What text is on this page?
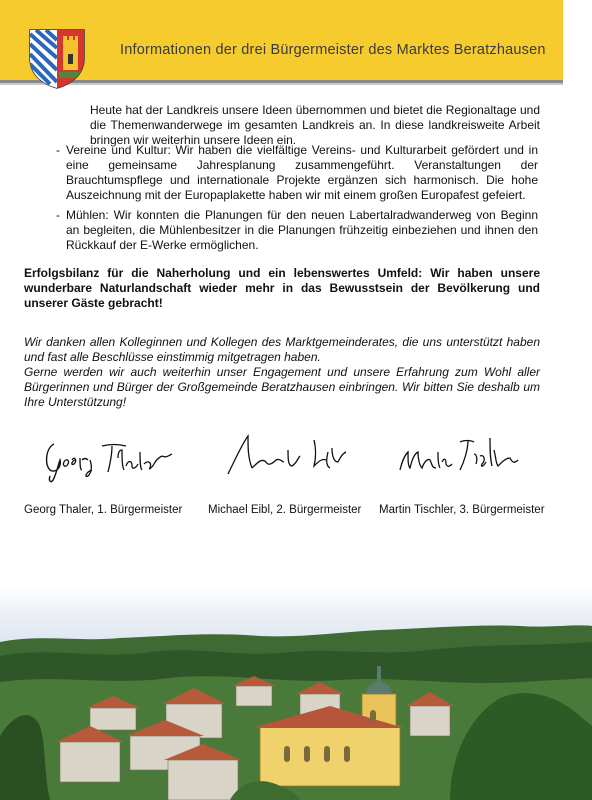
Informationen der drei Bürgermeister des Marktes Beratzhausen

Heute hat der Landkreis unsere Ideen übernommen und bietet die Regionaltage und die Themenwanderwege im gesamten Landkreis an. In diese landkreisweite Arbeit bringen wir weiterhin unsere Ideen ein.

- Vereine und Kultur: Wir haben die vielfältige Vereins- und Kulturarbeit gefördert und in eine gemeinsame Jahresplanung zusammengeführt. Veranstaltungen der Brauchtumspflege und internationale Projekte ergänzen sich harmonisch. Die hohe Auszeichnung mit der Europaplakette haben wir mit einem großen Europafest gefeiert.
- Mühlen: Wir konnten die Planungen für den neuen Labertalradwanderweg von Beginn an begleiten, die Mühlenbesitzer in die Planungen frühzeitig einbeziehen und ihnen den Rückkauf der E-Werke ermöglichen.

Erfolgsbilanz für die Naherholung und ein lebenswertes Umfeld: Wir haben unsere wunderbare Naturlandschaft wieder mehr in das Bewusstsein der Bevölkerung und unserer Gäste gebracht!

Wir danken allen Kolleginnen und Kollegen des Marktgemeinderates, die uns unterstützt haben und fast alle Beschlüsse einstimmig mitgetragen haben.
Gerne werden wir auch weiterhin unser Engagement und unsere Erfahrung zum Wohl aller Bürgerinnen und Bürger der Großgemeinde Beratzhausen einbringen. Wir bitten Sie deshalb um Ihre Unterstützung!
Georg Thaler, 1. Bürgermeister Michael Eibl, 2. Bürgermeister Martin Tischler, 3. Bürgermeister
